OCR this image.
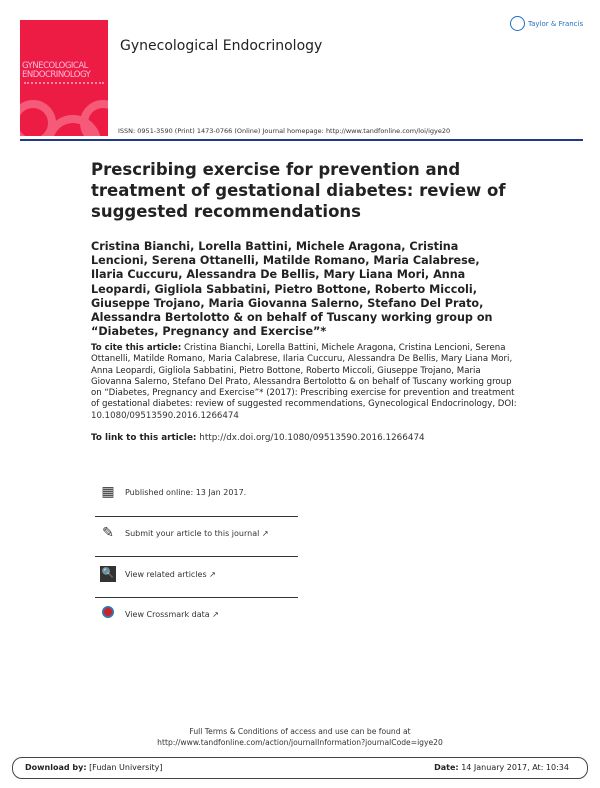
GYNECOLOGICAL ENDOCRINOLOGY
Taylor & Francis
Gynecological Endocrinology
ISSN: 0951-3590 (Print) 1473-0766 (Online) Journal homepage: http://www.tandfonline.com/loi/igye20
Prescribing exercise for prevention and treatment of gestational diabetes: review of suggested recommendations
Cristina Bianchi, Lorella Battini, Michele Aragona, Cristina Lencioni, Serena Ottanelli, Matilde Romano, Maria Calabrese, Ilaria Cuccuru, Alessandra De Bellis, Mary Liana Mori, Anna Leopardi, Gigliola Sabbatini, Pietro Bottone, Roberto Miccoli, Giuseppe Trojano, Maria Giovanna Salerno, Stefano Del Prato, Alessandra Bertolotto & on behalf of Tuscany working group on “Diabetes, Pregnancy and Exercise”*
To cite this article: Cristina Bianchi, Lorella Battini, Michele Aragona, Cristina Lencioni, Serena Ottanelli, Matilde Romano, Maria Calabrese, Ilaria Cuccuru, Alessandra De Bellis, Mary Liana Mori, Anna Leopardi, Gigliola Sabbatini, Pietro Bottone, Roberto Miccoli, Giuseppe Trojano, Maria Giovanna Salerno, Stefano Del Prato, Alessandra Bertolotto & on behalf of Tuscany working group on “Diabetes, Pregnancy and Exercise”* (2017): Prescribing exercise for prevention and treatment of gestational diabetes: review of suggested recommendations, Gynecological Endocrinology, DOI: 10.1080/09513590.2016.1266474
To link to this article: http://dx.doi.org/10.1080/09513590.2016.1266474
▦ Published online: 13 Jan 2017.
✎ Submit your article to this journal ↗
🔍 View related articles ↗
View Crossmark data ↗
Full Terms & Conditions of access and use can be found at
http://www.tandfonline.com/action/journalInformation?journalCode=igye20
Download by: [Fudan University]	Date: 14 January 2017, At: 10:34
